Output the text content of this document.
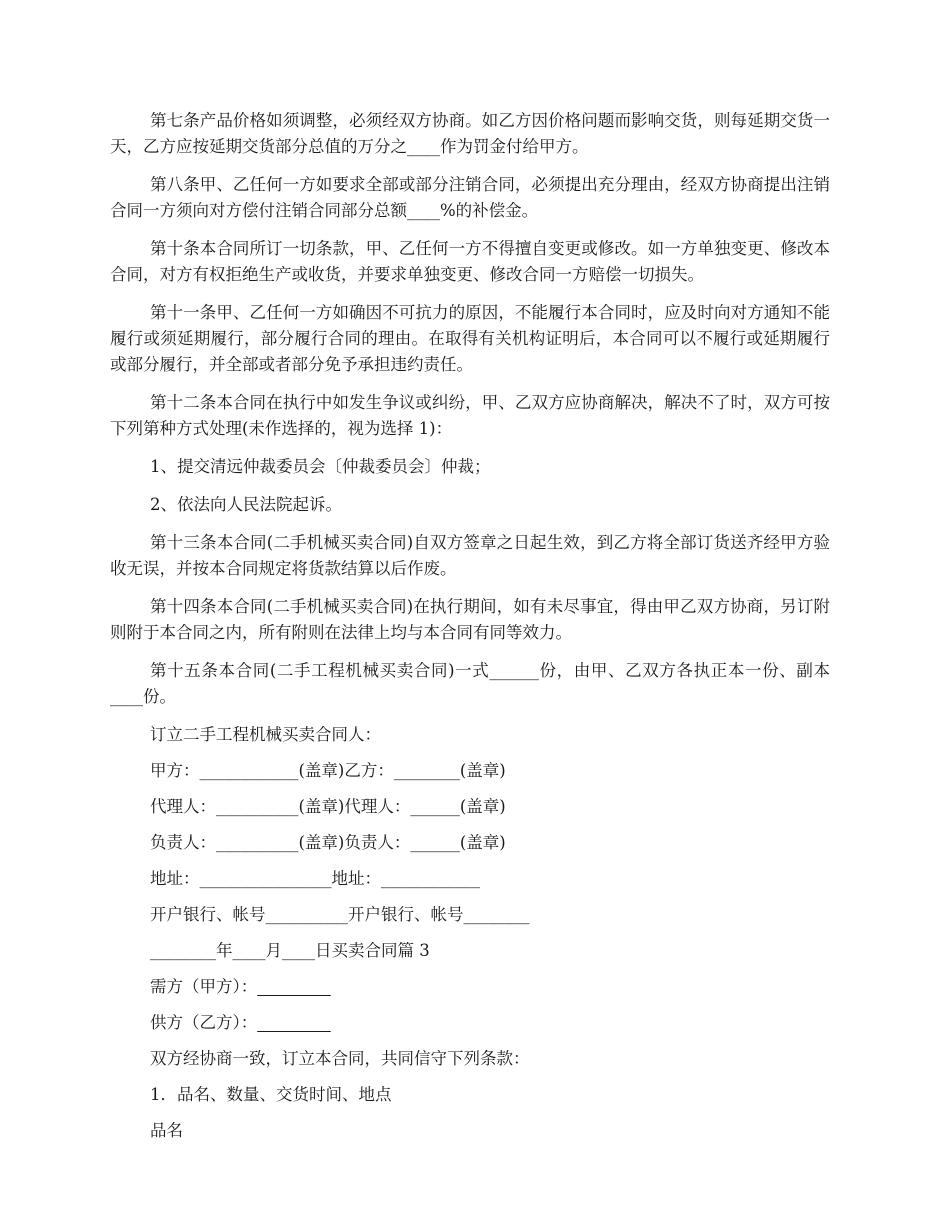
第七条产品价格如须调整，必须经双方协商。如乙方因价格问题而影响交货，则每延期交货一天，乙方应按延期交货部分总值的万分之____作为罚金付给甲方。

第八条甲、乙任何一方如要求全部或部分注销合同，必须提出充分理由，经双方协商提出注销合同一方须向对方偿付注销合同部分总额____%的补偿金。

第十条本合同所订一切条款，甲、乙任何一方不得擅自变更或修改。如一方单独变更、修改本合同，对方有权拒绝生产或收货，并要求单独变更、修改合同一方赔偿一切损失。

第十一条甲、乙任何一方如确因不可抗力的原因，不能履行本合同时，应及时向对方通知不能履行或须延期履行，部分履行合同的理由。在取得有关机构证明后，本合同可以不履行或延期履行或部分履行，并全部或者部分免予承担违约责任。

第十二条本合同在执行中如发生争议或纠纷，甲、乙双方应协商解决，解决不了时，双方可按下列第种方式处理(未作选择的，视为选择 1)：

1、提交清远仲裁委员会〔仲裁委员会〕仲裁；

2、依法向人民法院起诉。

第十三条本合同(二手机械买卖合同)自双方签章之日起生效，到乙方将全部订货送齐经甲方验收无误，并按本合同规定将货款结算以后作废。

第十四条本合同(二手机械买卖合同)在执行期间，如有未尽事宜，得由甲乙双方协商，另订附则附于本合同之内，所有附则在法律上均与本合同有同等效力。

第十五条本合同(二手工程机械买卖合同)一式______份，由甲、乙双方各执正本一份、副本____份。

订立二手工程机械买卖合同人：
甲方：____________(盖章)乙方：________(盖章)
代理人：__________(盖章)代理人：______(盖章)
负责人：__________(盖章)负责人：______(盖章)
地址：________________地址：____________
开户银行、帐号__________开户银行、帐号________
________年____月____日买卖合同篇 3
需方（甲方）：
供方（乙方）：
双方经协商一致，订立本合同，共同信守下列条款：
1．品名、数量、交货时间、地点
品名
